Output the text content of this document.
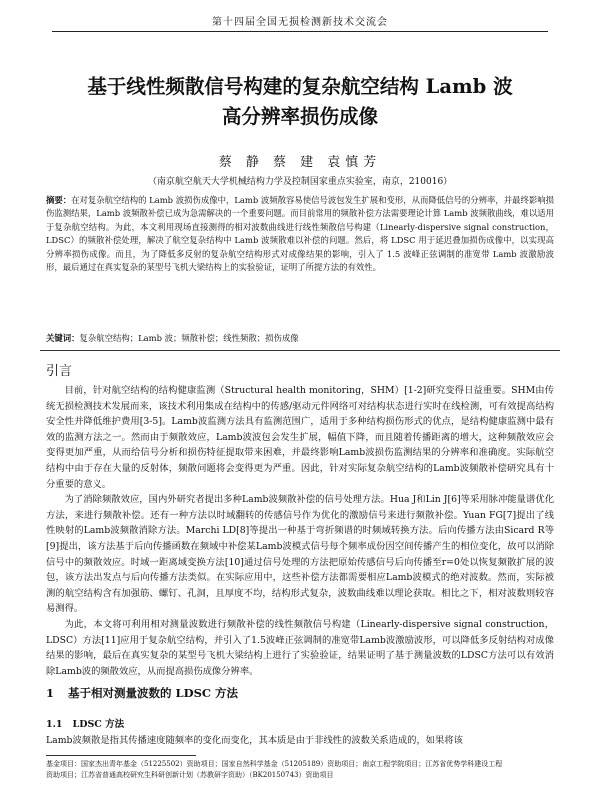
第十四届全国无损检测新技术交流会
基于线性频散信号构建的复杂航空结构 Lamb 波
高分辨率损伤成像
蔡 静 蔡 建 袁慎芳
（南京航空航天大学机械结构力学及控制国家重点实验室，南京，210016）
摘要：在对复杂航空结构的 Lamb 波损伤成像中，Lamb 波频散容易使信号波包发生扩展和变形，从而降低信号的分辨率，并最终影响损伤监测结果，Lamb 波频散补偿已成为急需解决的一个重要问题。而目前常用的频散补偿方法需要理论计算 Lamb 波频散曲线，难以适用于复杂航空结构。为此，本文利用现场直接测得的相对波数曲线进行线性频散信号构建（Linearly-dispersive signal construction，LDSC）的频散补偿处理，解决了航空复杂结构中 Lamb 波频散难以补偿的问题。然后，将 LDSC 用于延迟叠加损伤成像中，以实现高分辨率损伤成像。而且，为了降低多反射的复杂航空结构形式对成像结果的影响，引入了 1.5 波峰正弦调制的准宽带 Lamb 波激励波形，最后通过在真实复杂的某型号飞机大梁结构上的实验验证，证明了所提方法的有效性。
关键词：复杂航空结构；Lamb 波；频散补偿；线性频散；损伤成像
引言

目前，针对航空结构的结构健康监测（Structural health monitoring，SHM）[1-2]研究变得日益重要。SHM由传统无损检测技术发展而来，该技术利用集成在结构中的传感/驱动元件网络可对结构状态进行实时在线检测，可有效提高结构安全性并降低维护费用[3-5]。Lamb波监测方法具有监测范围广，适用于多种结构损伤形式的优点，是结构健康监测中最有效的监测方法之一。然而由于频散效应，Lamb波波包会发生扩展，幅值下降，而且随着传播距离的增大，这种频散效应会变得更加严重，从而给信号分析和损伤特征提取带来困难，并最终影响Lamb波损伤监测结果的分辨率和准确度。实际航空结构中由于存在大量的反射体，频散问题将会变得更为严重。因此，针对实际复杂航空结构的Lamb波频散补偿研究具有十分重要的意义。

为了消除频散效应，国内外研究者提出多种Lamb波频散补偿的信号处理方法。Hua J和Lin J[6]等采用脉冲能量谱优化方法，来进行频散补偿。还有一种方法以时域翻转的传感信号作为优化的激励信号来进行频散补偿。Yuan FG[7]提出了线性映射的Lamb波频散消除方法。Marchi LD[8]等提出一种基于弯折频谱的时频域转换方法。后向传播方法由Sicard R等[9]提出，该方法基于后向传播函数在频域中补偿某Lamb波模式信号每个频率成份因空间传播产生的相位变化，故可以消除信号中的频散效应。时域一距离域变换方法[10]通过信号处理的方法把原始传感信号后向传播至r=0处以恢复频散扩展的波包，该方法出发点与后向传播方法类似。在实际应用中，这些补偿方法都需要相应Lamb波模式的绝对波数。然而，实际被测的航空结构含有加强筋、螺钉、孔洞，且厚度不均，结构形式复杂，波数曲线难以理论获取。相比之下，相对波数则较容易测得。

为此，本文将可利用相对测量波数进行频散补偿的线性频散信号构建（Linearly-dispersive signal construction，LDSC）方法[11]应用于复杂航空结构，并引入了1.5波峰正弦调制的准宽带Lamb波激励波形，可以降低多反射结构对成像结果的影响，最后在真实复杂的某型号飞机大梁结构上进行了实验验证，结果证明了基于测量波数的LDSC方法可以有效消除Lamb波的频散效应，从而提高损伤成像分辨率。

1 基于相对测量波数的 LDSC 方法
1.1 LDSC 方法
Lamb波频散是指其传播速度随频率的变化而变化，其本质是由于非线性的波数关系造成的，如果将该
基金项目：国家杰出青年基金（51225502）资助项目；国家自然科学基金（51205189）资助项目；南京工程学院项目；江苏省优势学科建设工程
资助项目；江苏省普通高校研究生科研创新计划（苏教研字资助）（BK20150743）资助项目
